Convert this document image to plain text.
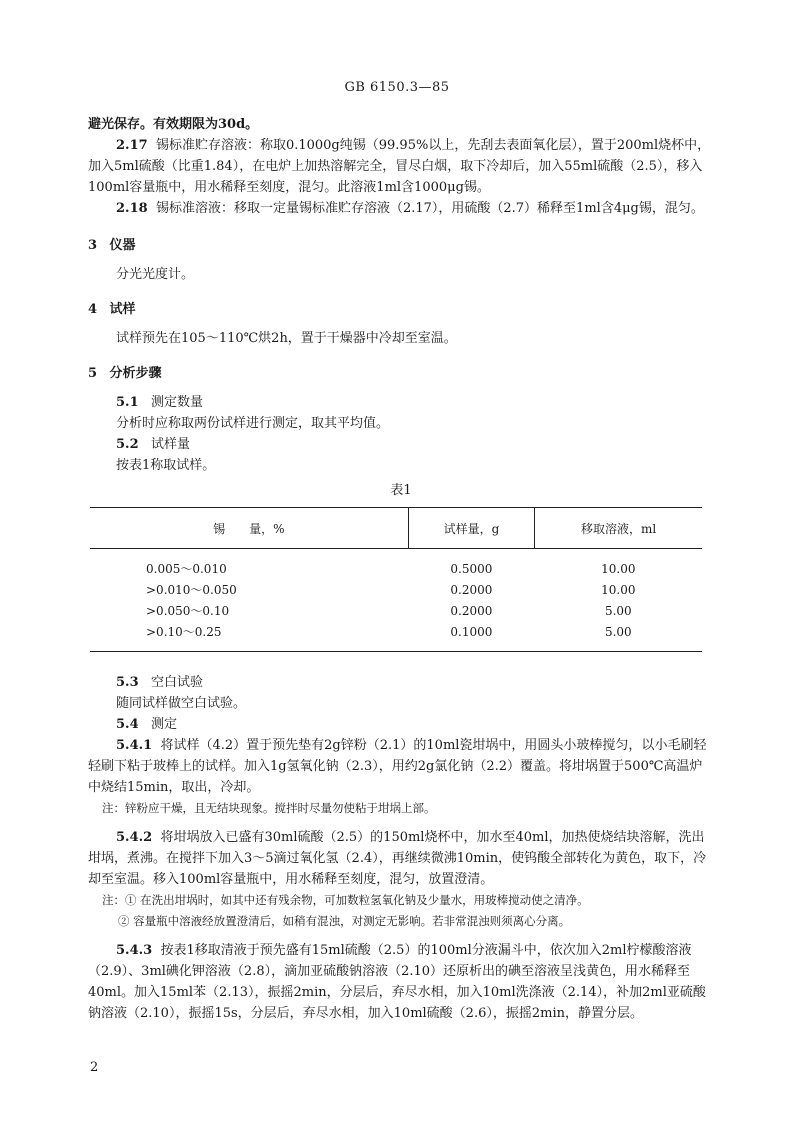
GB 6150.3—85

避光保存。有效期限为30d。

2.17 锡标准贮存溶液：称取0.1000g纯锡（99.95%以上，先刮去表面氧化层），置于200ml烧杯中，加入5ml硫酸（比重1.84），在电炉上加热溶解完全，冒尽白烟，取下冷却后，加入55ml硫酸（2.5），移入100ml容量瓶中，用水稀释至刻度，混匀。此溶液1ml含1000μg锡。

2.18 锡标准溶液：移取一定量锡标准贮存溶液（2.17），用硫酸（2.7）稀释至1ml含4μg锡，混匀。

3 仪器

分光光度计。

4 试样

试样预先在105～110℃烘2h，置于干燥器中冷却至室温。

5 分析步骤

5.1 测定数量

分析时应称取两份试样进行测定，取其平均值。

5.2 试样量

按表1称取试样。

表1

锡　　量，%	试样量，g	移取溶液，ml
0.005～0.010	0.5000	10.00
>0.010～0.050	0.2000	10.00
>0.050～0.10	0.2000	5.00
>0.10～0.25	0.1000	5.00

5.3 空白试验

随同试样做空白试验。

5.4 测定

5.4.1 将试样（4.2）置于预先垫有2g锌粉（2.1）的10ml瓷坩埚中，用圆头小玻棒搅匀，以小毛刷轻轻刷下粘于玻棒上的试样。加入1g氢氧化钠（2.3），用约2g氯化钠（2.2）覆盖。将坩埚置于500℃高温炉中烧结15min，取出，冷却。

注：锌粉应干燥，且无结块现象。搅拌时尽量勿使粘于坩埚上部。

5.4.2 将坩埚放入已盛有30ml硫酸（2.5）的150ml烧杯中，加水至40ml，加热使烧结块溶解，洗出坩埚，煮沸。在搅拌下加入3～5滴过氧化氢（2.4），再继续微沸10min，使钨酸全部转化为黄色，取下，冷却至室温。移入100ml容量瓶中，用水稀释至刻度，混匀，放置澄清。

注：① 在洗出坩埚时，如其中还有残余物，可加数粒氢氧化钠及少量水，用玻棒搅动使之清净。

② 容量瓶中溶液经放置澄清后，如稍有混浊，对测定无影响。若非常混浊则须离心分离。

5.4.3 按表1移取清液于预先盛有15ml硫酸（2.5）的100ml分液漏斗中，依次加入2ml柠檬酸溶液（2.9）、3ml碘化钾溶液（2.8），滴加亚硫酸钠溶液（2.10）还原析出的碘至溶液呈浅黄色，用水稀释至40ml。加入15ml苯（2.13），振摇2min，分层后，弃尽水相，加入10ml洗涤液（2.14），补加2ml亚硫酸钠溶液（2.10），振摇15s，分层后，弃尽水相，加入10ml硫酸（2.6），振摇2min，静置分层。

2
